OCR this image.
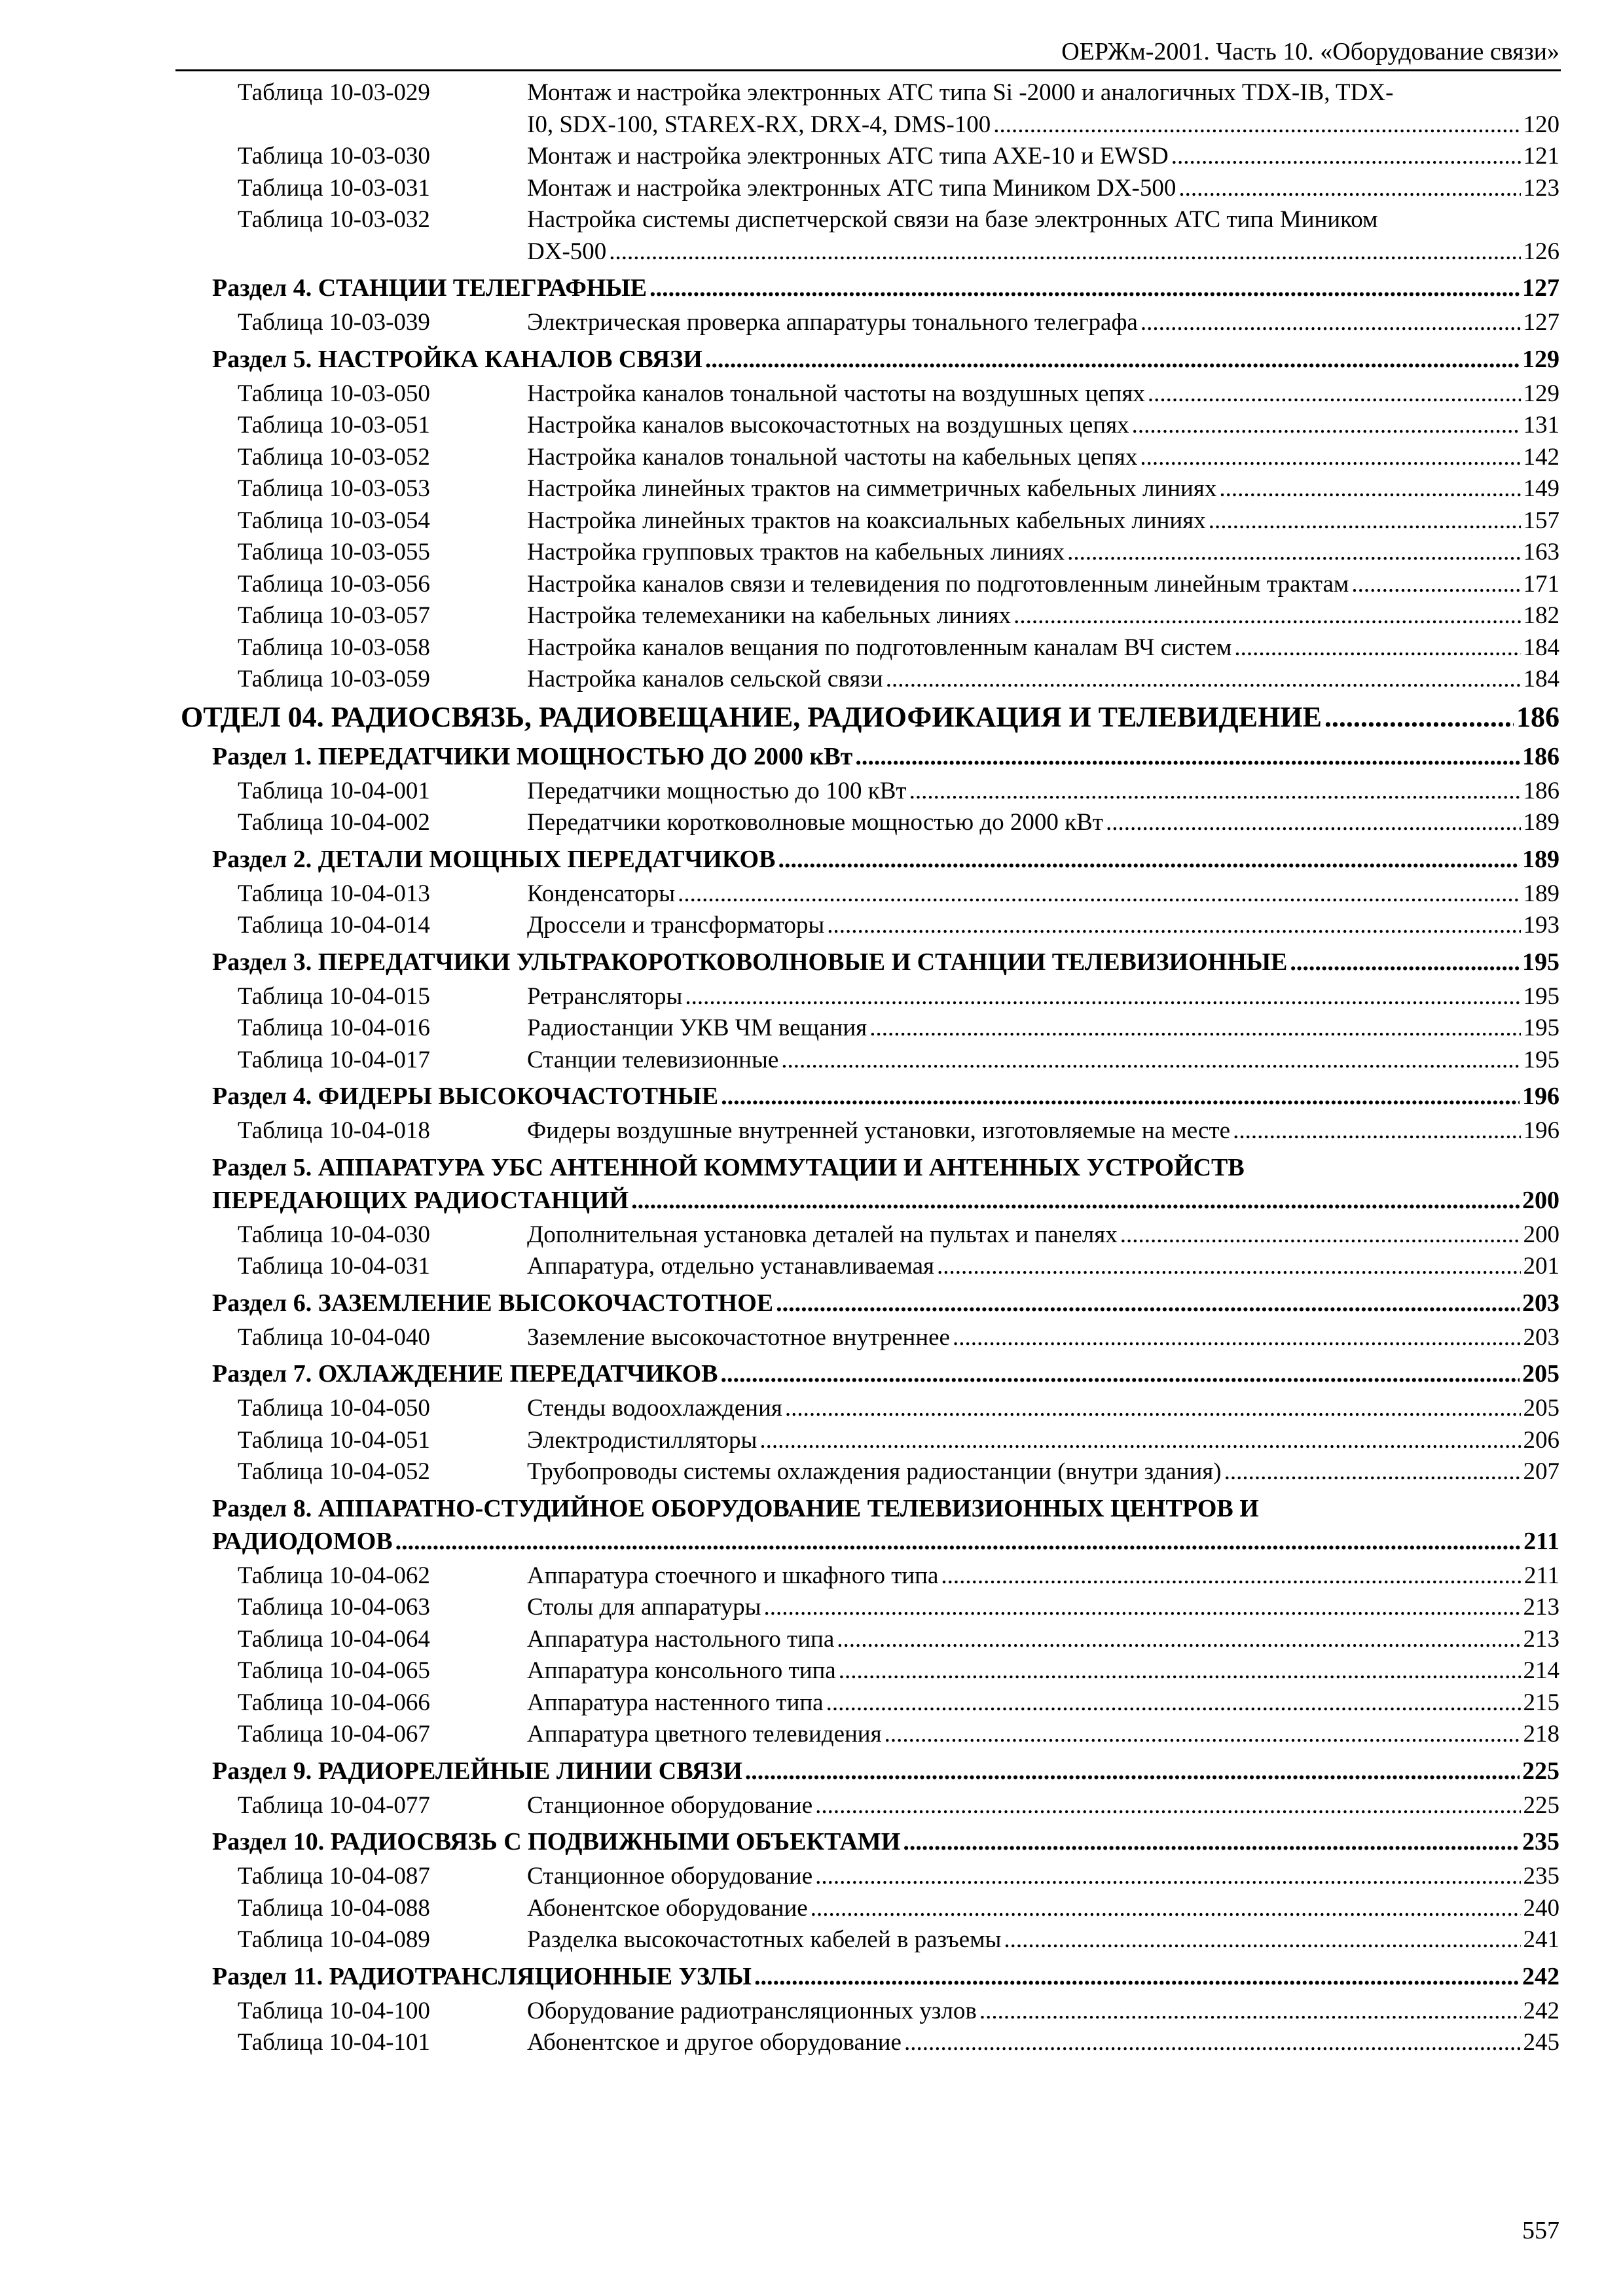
ОЕРЖм-2001. Часть 10. «Оборудование связи»
Таблица 10-03-029	Монтаж и настройка электронных АТС типа Si -2000 и аналогичных TDX-IB, TDX-
I0, SDX-100, STAREX-RX, DRX-4, DMS-100 .....	120
Таблица 10-03-030	Монтаж и настройка электронных АТС типа AXE-10 и EWSD .....	121
Таблица 10-03-031	Монтаж и настройка электронных АТС типа Миником DX-500 .....	123
Таблица 10-03-032	Настройка системы диспетчерской связи на базе электронных АТС типа Миником
DX-500 .....	126
Раздел 4. СТАНЦИИ ТЕЛЕГРАФНЫЕ .....	127
Таблица 10-03-039	Электрическая проверка аппаратуры тонального телеграфа .....	127
Раздел 5. НАСТРОЙКА КАНАЛОВ СВЯЗИ .....	129
Таблица 10-03-050	Настройка каналов тональной частоты на воздушных цепях .....	129
Таблица 10-03-051	Настройка каналов высокочастотных на воздушных цепях .....	131
Таблица 10-03-052	Настройка каналов тональной частоты на кабельных цепях .....	142
Таблица 10-03-053	Настройка линейных трактов на симметричных кабельных линиях .....	149
Таблица 10-03-054	Настройка линейных трактов на коаксиальных кабельных линиях .....	157
Таблица 10-03-055	Настройка групповых трактов на кабельных линиях .....	163
Таблица 10-03-056	Настройка каналов связи и телевидения по подготовленным линейным трактам .....	171
Таблица 10-03-057	Настройка телемеханики на кабельных линиях .....	182
Таблица 10-03-058	Настройка каналов вещания по подготовленным каналам ВЧ систем .....	184
Таблица 10-03-059	Настройка каналов сельской связи .....	184
ОТДЕЛ 04. РАДИОСВЯЗЬ, РАДИОВЕЩАНИЕ, РАДИОФИКАЦИЯ И ТЕЛЕВИДЕНИЕ .....	186
Раздел 1. ПЕРЕДАТЧИКИ МОЩНОСТЬЮ ДО 2000 кВт .....	186
Таблица 10-04-001	Передатчики мощностью до 100 кВт .....	186
Таблица 10-04-002	Передатчики коротковолновые мощностью до 2000 кВт .....	189
Раздел 2. ДЕТАЛИ МОЩНЫХ ПЕРЕДАТЧИКОВ .....	189
Таблица 10-04-013	Конденсаторы .....	189
Таблица 10-04-014	Дроссели и трансформаторы .....	193
Раздел 3. ПЕРЕДАТЧИКИ УЛЬТРАКОРОТКОВОЛНОВЫЕ И СТАНЦИИ ТЕЛЕВИЗИОННЫЕ .....	195
Таблица 10-04-015	Ретрансляторы .....	195
Таблица 10-04-016	Радиостанции УКВ ЧМ вещания .....	195
Таблица 10-04-017	Станции телевизионные .....	195
Раздел 4. ФИДЕРЫ ВЫСОКОЧАСТОТНЫЕ .....	196
Таблица 10-04-018	Фидеры воздушные внутренней установки, изготовляемые на месте .....	196
Раздел 5. АППАРАТУРА УБС АНТЕННОЙ КОММУТАЦИИ И АНТЕННЫХ УСТРОЙСТВ
ПЕРЕДАЮЩИХ РАДИОСТАНЦИЙ .....	200
Таблица 10-04-030	Дополнительная установка деталей на пультах и панелях .....	200
Таблица 10-04-031	Аппаратура, отдельно устанавливаемая .....	201
Раздел 6. ЗАЗЕМЛЕНИЕ ВЫСОКОЧАСТОТНОЕ .....	203
Таблица 10-04-040	Заземление высокочастотное внутреннее .....	203
Раздел 7. ОХЛАЖДЕНИЕ ПЕРЕДАТЧИКОВ .....	205
Таблица 10-04-050	Стенды водоохлаждения .....	205
Таблица 10-04-051	Электродистилляторы .....	206
Таблица 10-04-052	Трубопроводы системы охлаждения радиостанции (внутри здания) .....	207
Раздел 8. АППАРАТНО-СТУДИЙНОЕ ОБОРУДОВАНИЕ ТЕЛЕВИЗИОННЫХ ЦЕНТРОВ И
РАДИОДОМОВ .....	211
Таблица 10-04-062	Аппаратура стоечного и шкафного типа .....	211
Таблица 10-04-063	Столы для аппаратуры .....	213
Таблица 10-04-064	Аппаратура настольного типа .....	213
Таблица 10-04-065	Аппаратура консольного типа .....	214
Таблица 10-04-066	Аппаратура настенного типа .....	215
Таблица 10-04-067	Аппаратура цветного телевидения .....	218
Раздел 9. РАДИОРЕЛЕЙНЫЕ ЛИНИИ СВЯЗИ .....	225
Таблица 10-04-077	Станционное оборудование .....	225
Раздел 10. РАДИОСВЯЗЬ С ПОДВИЖНЫМИ ОБЪЕКТАМИ .....	235
Таблица 10-04-087	Станционное оборудование .....	235
Таблица 10-04-088	Абонентское оборудование .....	240
Таблица 10-04-089	Разделка высокочастотных кабелей в разъемы .....	241
Раздел 11. РАДИОТРАНСЛЯЦИОННЫЕ УЗЛЫ .....	242
Таблица 10-04-100	Оборудование радиотрансляционных узлов .....	242
Таблица 10-04-101	Абонентское и другое оборудование .....	245
557
